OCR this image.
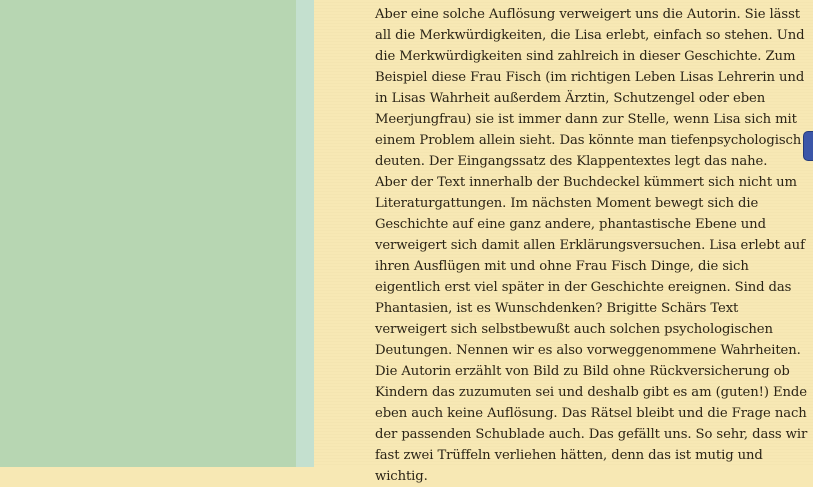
Aber eine solche Auflösung verweigert uns die Autorin. Sie lässt all die Merkwürdigkeiten, die Lisa erlebt, einfach so stehen. Und die Merkwürdigkeiten sind zahlreich in dieser Geschichte. Zum Beispiel diese Frau Fisch (im richtigen Leben Lisas Lehrerin und in Lisas Wahrheit außerdem Ärztin, Schutzengel oder eben Meerjungfrau) sie ist immer dann zur Stelle, wenn Lisa sich mit einem Problem allein sieht. Das könnte man tiefenpsychologisch deuten. Der Eingangssatz des Klappentextes legt das nahe.

Aber der Text innerhalb der Buchdeckel kümmert sich nicht um Literaturgattungen. Im nächsten Moment bewegt sich die Geschichte auf eine ganz andere, phantastische Ebene und verweigert sich damit allen Erklärungsversuchen. Lisa erlebt auf ihren Ausflügen mit und ohne Frau Fisch Dinge, die sich eigentlich erst viel später in der Geschichte ereignen. Sind das Phantasien, ist es Wunschdenken? Brigitte Schärs Text verweigert sich selbstbewußt auch solchen psychologischen Deutungen. Nennen wir es also vorweggenommene Wahrheiten.

Die Autorin erzählt von Bild zu Bild ohne Rückversicherung ob Kindern das zuzumuten sei und deshalb gibt es am (guten!) Ende eben auch keine Auflösung. Das Rätsel bleibt und die Frage nach der passenden Schublade auch. Das gefällt uns. So sehr, dass wir fast zwei Trüffeln verliehen hätten, denn das ist mutig und wichtig.
